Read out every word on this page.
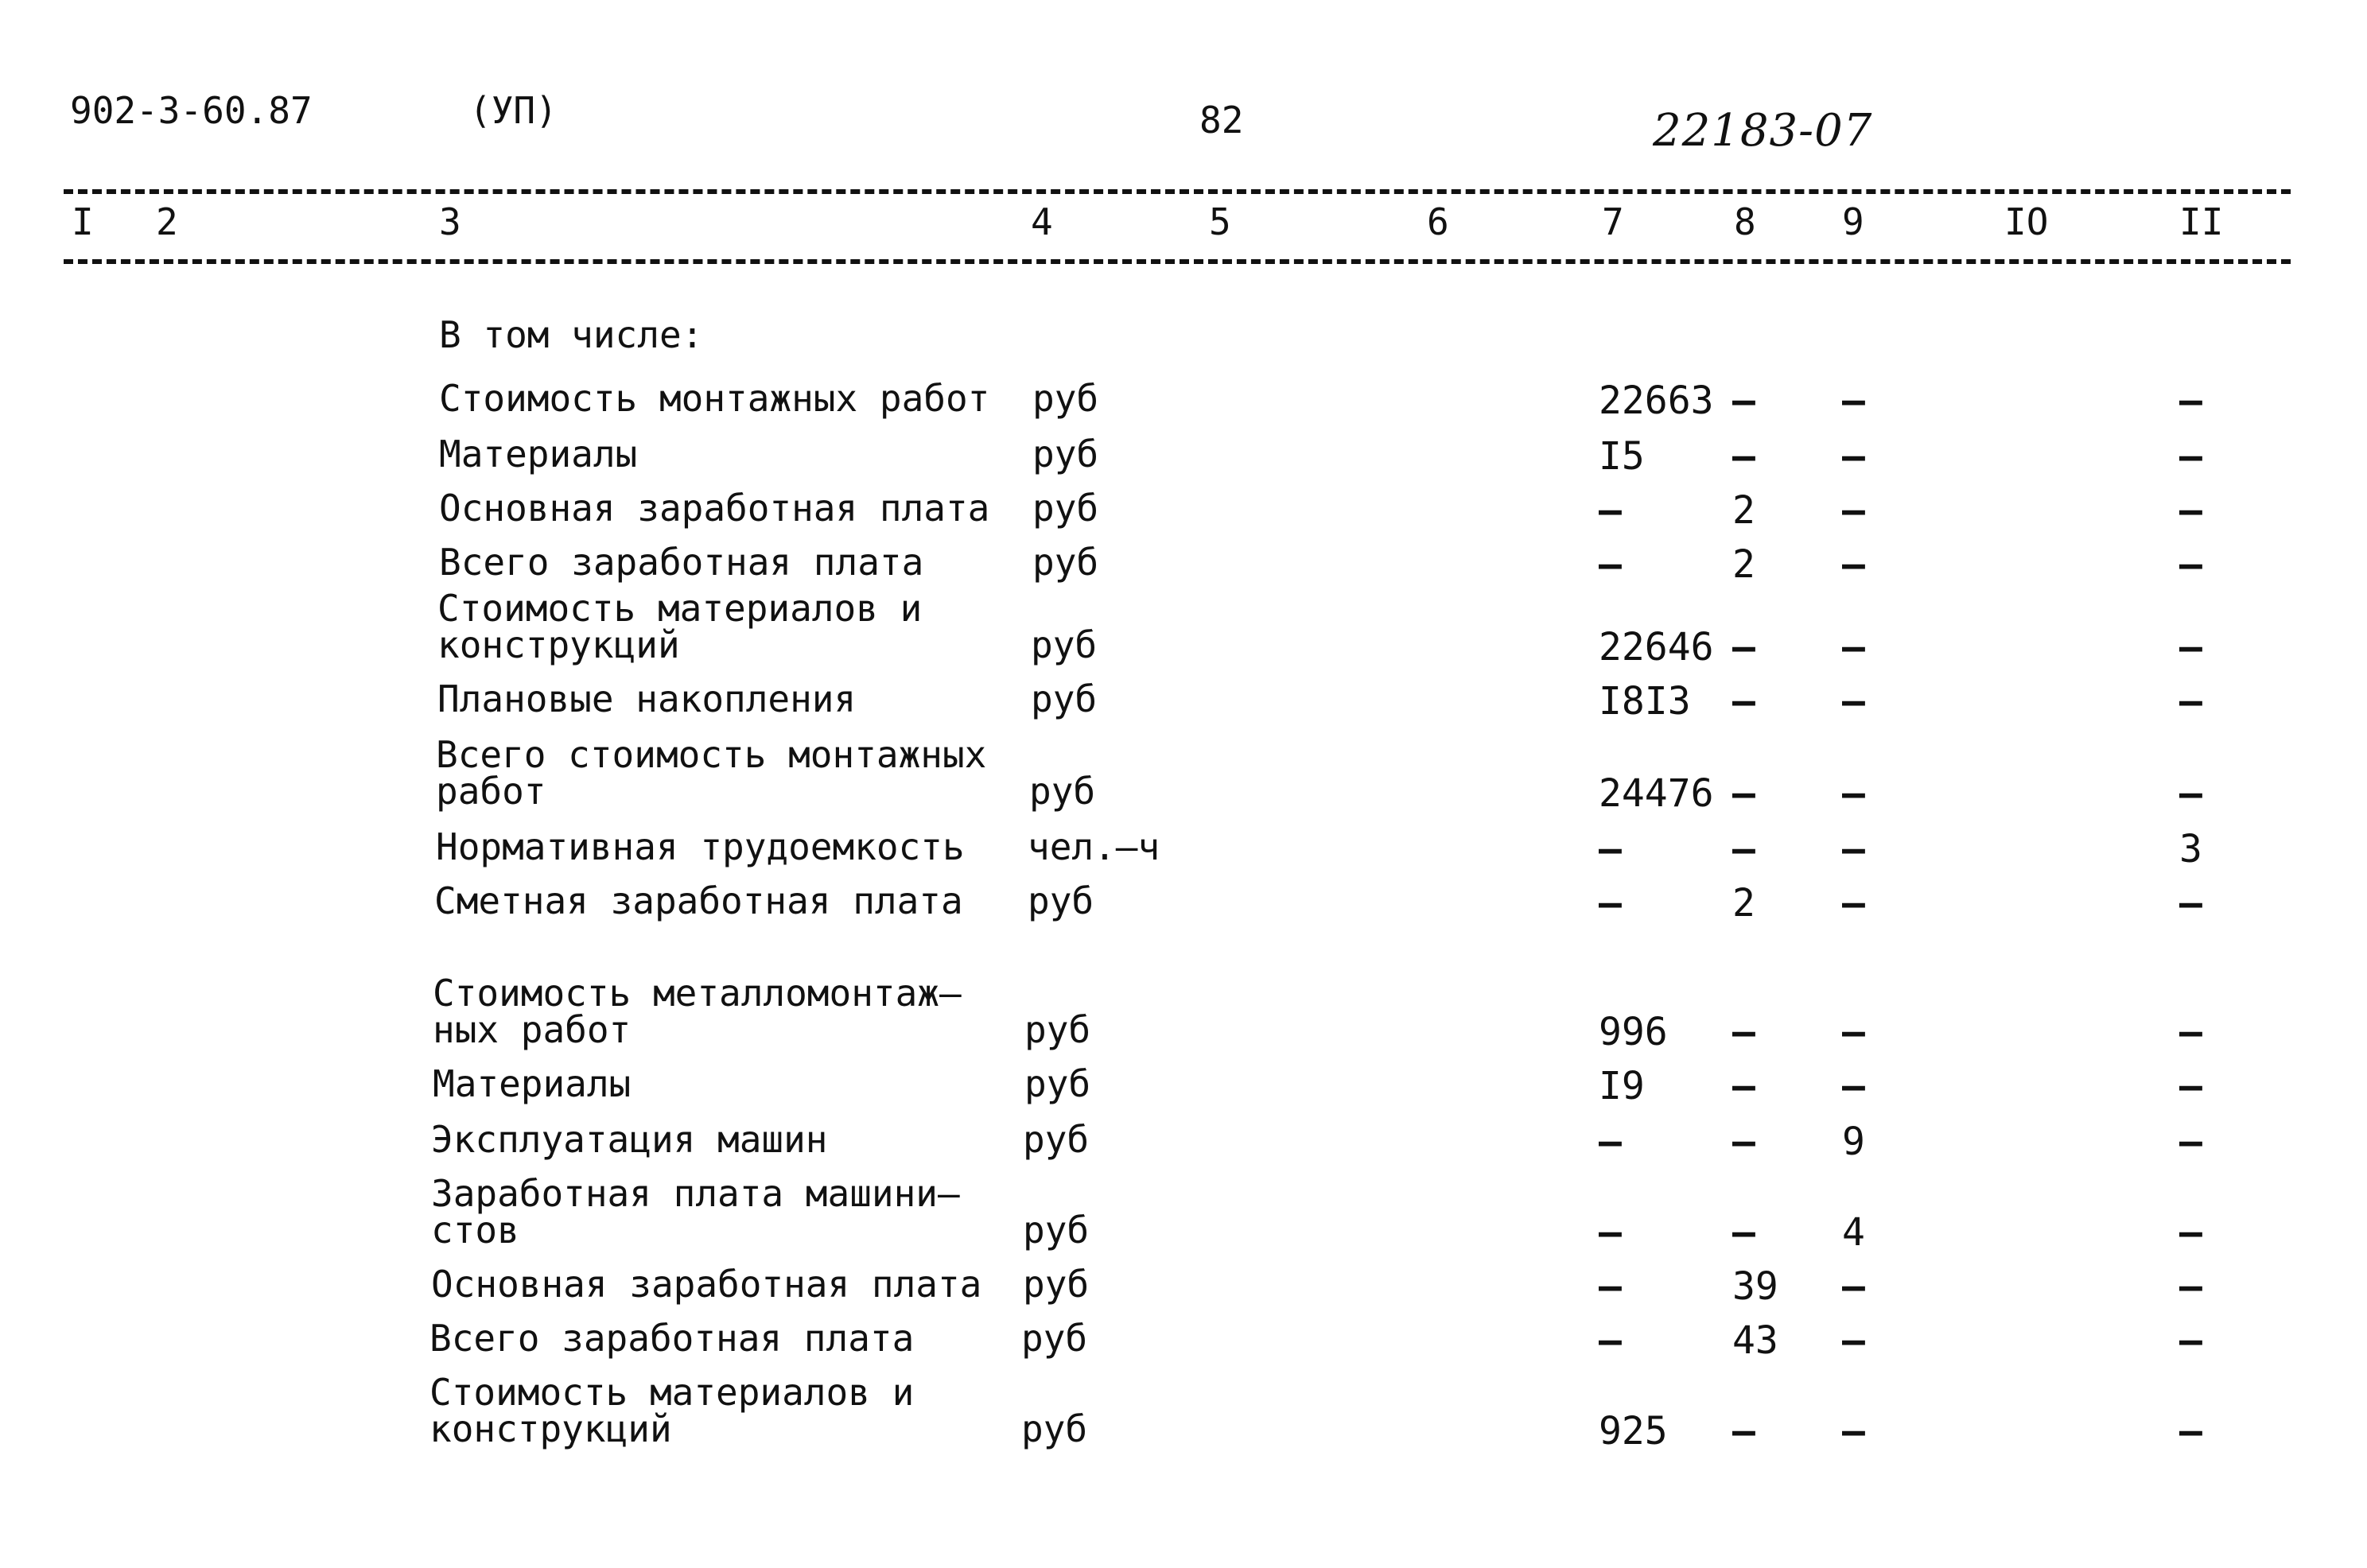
902-3-60.87	(УП)	82	22183-07
I 2	3	4	5	6	7	8 9	IO	II
В том числе:
Стоимость монтажных работ руб	22663 – –	–
Материалы	руб	I5 – –	–
Основная заработная плата руб	–	2 –	–
Всего заработная плата	руб	–	2 –	–
Стоимость материалов и
конструкций	руб	22646 – –	–
Плановые накопления	руб	I8I3 – –	–
Всего стоимость монтажных
работ	руб	24476 – –	–
Нормативная трудоемкость чел.–ч	–	– –	3
Сметная заработная плата руб	–	2 –	–
Стоимость металломонтаж–
ных работ	руб	996 – –	–
Материалы	руб	I9 – –	–
Эксплуатация машин	руб	–	– 9	–
Заработная плата машини–
стов	руб	–	– 4	–
Основная заработная плата руб	–	39 –	–
Всего заработная плата	руб	–	43 –	–
Стоимость материалов и
конструкций	руб	925 – –	–
